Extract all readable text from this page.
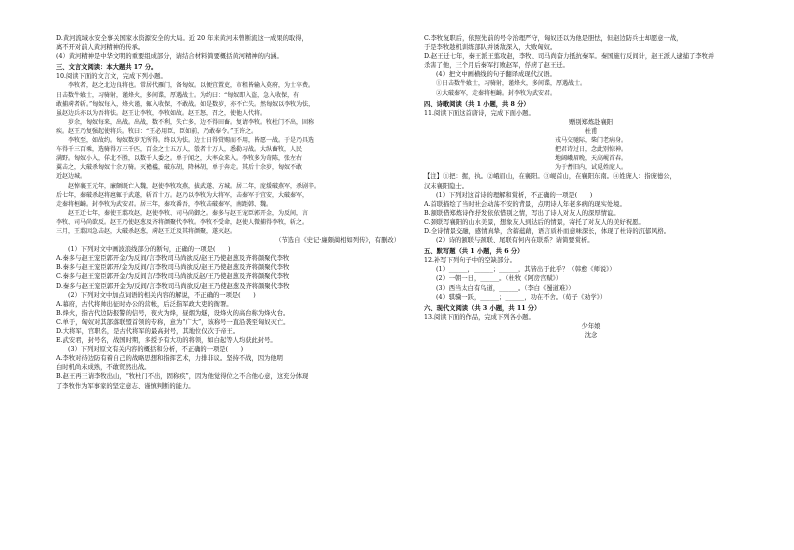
D.黄河流域水安全事关国家水资源安全的大局。近 20 年来黄河未曾断流这一成果的取得，
离不开对前人黄河精神的传承。
(4）黄河精神是中华文明的重要组成部分，请结合材料简要概括黄河精神的内涵。
三、文言文阅读：本大题共 17 分。
10.阅读下面的文言文，完成下列小题。
李牧者，赵之北边良将也。常居代雁门，备匈奴。以便宜置吏，市租皆输入莫府，为士卒费。
日击数牛飨士，习骑射，谨烽火，多间谍，厚遇战士。为约曰：“匈奴即入盗，急入收保，有
敢捕虏者斩。”匈奴每入，烽火谨，辄入收保，不敢战。如是数岁，亦不亡失。然匈奴以李牧为怯，
虽赵边兵亦以为吾将怯。赵王让李牧，李牧如故。赵王怒，召之，使他人代将。
岁余，匈奴每来，出战。出战，数不利，失亡多，边不得田畜。复请李牧。牧杜门不出，固称
疾。赵王乃复强起使将兵。牧曰：“王必用臣，臣如前，乃敢奉令。”王许之。
李牧至，如故约。匈奴数岁无所得。终以为怯。边士日得赏赐而不用，皆愿一战。于是乃具选
车得千三百乘，选骑得万三千匹，百金之士五万人，彀者十万人，悉勒习战。大纵畜牧，人民
满野。匈奴小入，佯北不胜，以数千人委之。单于闻之，大率众来入。李牧多为奇陈，张左右
翼击之，大破杀匈奴十余万骑。灭襜褴，破东胡，降林胡，单于奔走。其后十余岁，匈奴不敢
近赵边城。
赵悼襄王元年，廉颇既亡入魏，赵使李牧攻燕，拔武遂、方城。居二年，庞煖破燕军，杀剧辛。
后七年，秦破杀赵将扈辄于武遂，斩首十万。赵乃以李牧为大将军，击秦军于宜安，大破秦军，
走秦将桓齮。封李牧为武安君。居三年，秦攻番吾，李牧击破秦军，南距韩、魏。
赵王迁七年，秦使王翦攻赵，赵使李牧、司马尚御之。秦多与赵王宠臣郭开金，为反间，言
李牧、司马尚欲反。赵王乃使赵葱及齐将颜聚代李牧。李牧不受命，赵使人微捕得李牧，斩之。
三月，王翦因急击赵，大破杀赵葱，虏赵王迁及其将颜聚，遂灭赵。
（节选自《史记·廉颇蔺相如列传》，有删改）
(1）下列对文中画波浪线部分的断句，正确的一项是(　　)
A.秦多与赵王宠臣郭开金/为反间/言李牧司马尚欲反/赵王乃使赵葱及齐将颜聚代李牧
B.秦多与赵王宠臣郭开/金为反间/言李牧司马尚欲反/赵王乃使赵葱及齐将颜聚代李牧
C.秦多与赵王宠臣郭开金/为反间言/李牧司马尚欲反赵/王乃使赵葱及齐将颜聚代李牧
D.秦多与赵王宠臣郭开金为/反间/言李牧司马尚欲反/赵王乃使赵葱及齐将颜聚代李牧
(2）下列对文中加点词语的相关内容的解说，不正确的一项是(　　)
A.幕府，古代将帅出征时办公的营帐，后泛指军政大吏的衙署。
B.烽火，指古代边防报警的信号，夜火为烽，昼烟为燧，设烽火的高台称为烽火台。
C.单于，匈奴对其部落联盟首领的专称，意为“广大”，该称号一直沿袭至匈奴灭亡。
D.大将军，官职名，是古代将军的最高封号，其地位仅次于帝王。
E.武安君，封号名，战国时期，多授予有大功的将领，如白起等人均获此封号。
(3）下列对原文有关内容的概括和分析，不正确的一项是(　　)
A.李牧对待边防有着自己的战略思想和指挥艺术，力排非议。坚持不战，因为他明
白时机尚未成熟，不敢贸然出战。
B.赵王再三请李牧出山，“牧杜门不出，固称疾”，因为他觉得位之不合他心意，这充分体现
了李牧作为军事家的坚定意志、谨慎判断的能力。
C.李牧复职后，依照先前的号令治理严守，匈奴还以为他是胆怯，但赵边防兵士却愿意一战，
于是李牧趁机训练部队并诱敌深入，大败匈奴。
D.赵王迁七年，秦王派王翦攻赵，李牧、司马尚奋力抵抗秦军。秦国施行反间计，赵王派人逮捕了李牧并
杀害了他，三个月后秦军打败赵军，俘虏了赵王迁。
(4）把文中画横线的句子翻译成现代汉语。
①日击数牛飨士，习骑射，谨烽火，多间谍，厚遇战士。
②大破秦军，走秦将桓齮。封李牧为武安君。
四、诗歌阅读（共 1 小题，共 8 分）
11.阅读下面这首唐诗，完成下面小题。
赠别郑炼赴襄阳
杜甫
戎马交驰际，柴门老病身。
把君诗过日，念此别惊神。
地阔峨眉晚，天高岘首春。
为于耆旧内，试觅姓庞人。
【注】①把：握，执。②峨眉山，在襄阳。③岘首山，在襄阳东南。④姓庞人：指庞德公，
汉末襄阳隐士。
(1）下列对这首诗的理解和赏析，不正确的一项是(　　)
A.首联描绘了当时社会动荡不安的背景，点明诗人年老多病的现实处境。
B.颔联借郑炼诗作抒发依依惜别之情，写出了诗人对友人的深厚情谊。
C.颈联写襄阳的山水美景，想象友人到达后的情景，寄托了对友人的美好祝愿。
D.全诗情景交融，感情真挚，含蓄蕴藉，语言质朴而意味深长，体现了杜诗的沉郁风格。
(2）诗的颔联与颈联、尾联有何内在联系？请简要赏析。
五、默写题（共 1 小题，共 6 分）
12.补写下列句子中的空缺部分。
(1）______，______；______，其皆出于此乎？（韩愈《师说》）
(2）一朝一日，______。（杜牧《阿房宫赋》）
(3）西当太白有鸟道，______。（李白《蜀道难》）
(4）骐骥一跃，______；______，功在不舍。（荀子《劝学》）
六、现代文阅读（共 3 小题，共 11 分）
13.阅读下面的作品，完成下列各小题。
少年娘
沈念
